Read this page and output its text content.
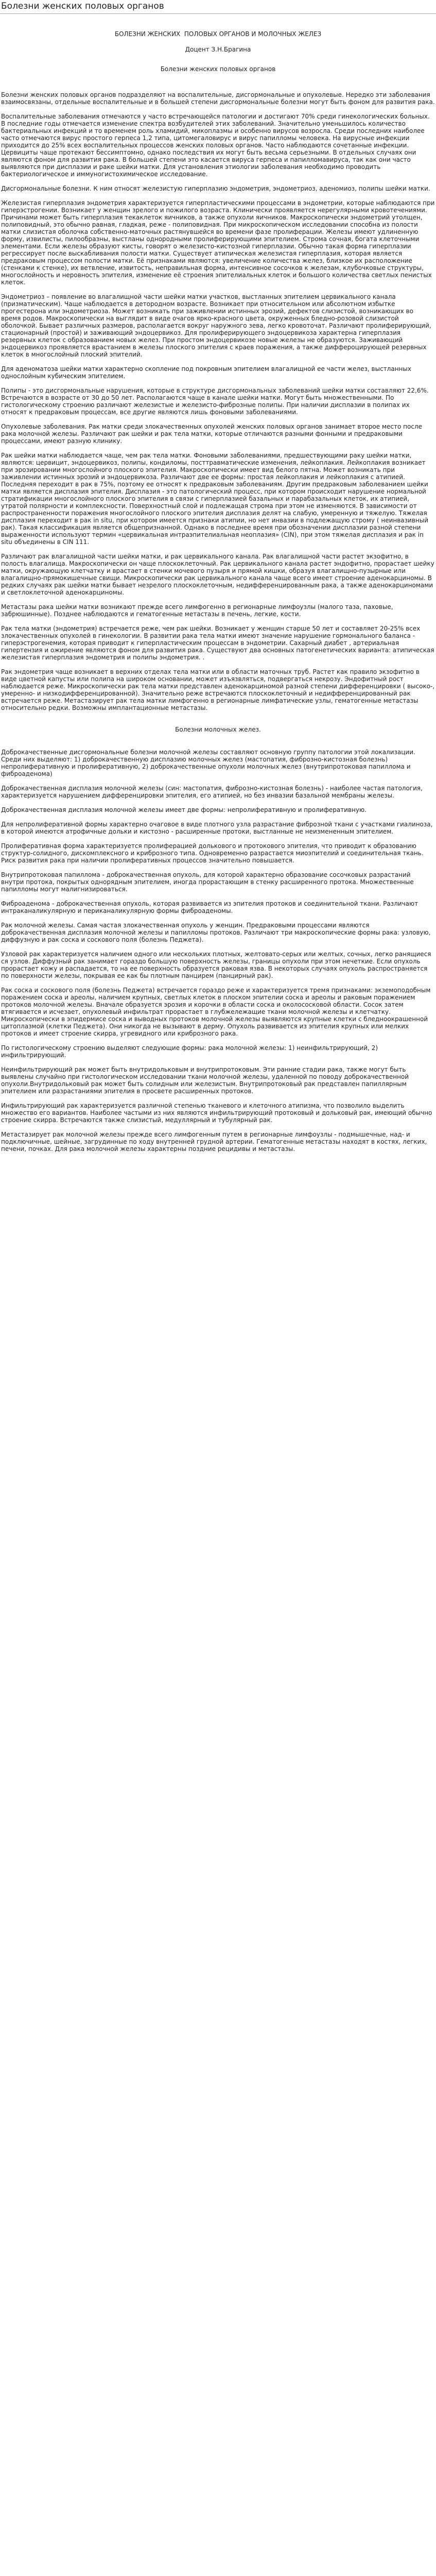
Болезни женских половых органов
БОЛЕЗНИ ЖЕНСКИХ  ПОЛОВЫХ ОРГАНОВ И МОЛОЧНЫХ ЖЕЛЕЗ
Доцент З.Н.Брагина
Болезни женских половых органов
Болезни женских половых органов подразделяют на воспалительные, дисгормональные и опухолевые. Нередко эти заболевания взаимосвязаны, отдельные воспалительные и в большей степени дисгормональные болезни могут быть фоном для развития рака.
Воспалительные заболевания отмечаются у часто встречающейся патологии и достигают 70% среди гинекологических больных. В последние годы отмечается изменение спектра возбудителей этих заболеваний. Значительно уменьшилось количество бактериальных инфекций и то временем роль хламидий, микоплазмы и особенно вирусов возросла. Среди последних наиболее часто отмечаются вирус простого герпеса 1,2 типа, цитомегаловирус и вирус папилломы человека. На вирусные инфекции приходится до 25% всех воспалительных процессов женских половых органов. Часто наблюдаются сочетанные инфекции. Цервициты чаще протекают бессимптомно, однако последствия их могут быть весьма серьезными. В отдельных случаях они являются фоном для развития рака. В большей степени это касается вируса герпеса и папилломавируса, так как они часто выявляются при дисплазии и раке шейки матки. Для установления этиологии заболевания необходимо проводить бактериологическое и иммуногистохимическое исследование.
Дисгормональные болезни. К ним относят железистую гиперплазию эндометрия, эндометриоз, аденомиоз, полипы шейки матки.
Железистая гиперплазия эндометрия характеризуется гиперпластическими процессами в эндометрии, которые наблюдаются при гиперэстрогении. Возникает у женщин зрелого и пожилого возраста. Клинически проявляется нерегулярными кровотечениями. Причинами может быть гиперплазия текаклеток яичников, а также опухоли яичников. Макроскопически эндометрий утолщен, полиповидный, это обычно равная, гладкая, реже - полиповидная. При микроскопическом исследовании способна из полости матки слизистая оболочка собственно-маточных растянувшейся во времени фазе пролиферации. Железы имеют удлиненную форму, извилисты, пилообразны, выстланы однородными пролиферирующими эпителием. Строма сочная, богата клеточными элементами. Если железы образуют кисты, говорят о железисто-кистозной гиперплазии. Обычно такая форма гиперплазии регрессирует после выскабливания полости матки. Существует атипическая железистая гиперплазия, которая является предраковым процессом полости матки. Её признаками являются: увеличение количества желез, близкое их расположение (стенками к стенке), их ветвление, извитость, неправильная форма, интенсивное сосочков к железам, клубочковые структуры, многослойность и неровность эпителия, изменение её строения эпителиальных клеток и большого количества светлых пенистых клеток.
Эндометриоз – появление во влагалищной части шейки матки участков, выстланных эпителием цервикального канала (призматическим). Чаще наблюдается в детородном возрасте. Возникает при относительном или абсолютном избытке прогестерона или эндометриоза. Может возникать при заживлении истинных эрозий, дефектов слизистой, возникающих во время родов. Макроскопически на выглядит в виде очагов ярко-красного цвета, окруженных бледно-розовой слизистой оболочкой. Бывает различных размеров, располагается вокруг наружного зева, легко кровоточат. Различают пролиферирующий, стационарный (простой) и заживающий эндоцервикоз. Для пролиферирующего эндоцервикоза характерна гиперплазия резервных клеток с образованием новых желез. При простом эндоцервикозе новые железы не образуются. Заживающий эндоцервикоз проявляется врастанием в железы плоского эпителия с краев поражения, а также диффероцирующей резервных клеток в многослойный плоский эпителий.
Для аденоматоза шейки матки характерно скопление под покровным эпителием влагалищной ее части желез, выстланных однослойным кубическим эпителием.
Полипы - это дисгормональные нарушения, которые в структуре дисгормональных заболеваний шейки матки составляют 22,6%. Встречаются в возрасте от 30 до 50 лет. Располагаются чаще в канале шейки матки. Могут быть множественными. По гистологическому строению различают железистые и железисто-фиброзные полипы. При наличии дисплазии в полипах их относят к предраковым процессам, все другие являются лишь фоновыми заболеваниями.
Опухолевые заболевания. Рак матки среди злокачественных опухолей женских половых органов занимает второе место после рака молочной железы. Различают рак шейки и рак тела матки, которые отличаются разными фонными и предраковыми процессами, имеют разную клинику.
Рак шейки матки наблюдается чаще, чем рак тела матки. Фоновыми заболеваниями, предшествующими раку шейки матки, являются: цервицит, эндоцервикоз, полипы, кондиломы, посттравматические изменения, лейкоплакия. Лейкоплакия возникает при эрозировании многослойного плоского эпителия. Макроскопически имеет вид белого пятна. Может возникать при заживлении истинных эрозий и эндоцервикоза. Различают две ее формы: простая лейкоплакия и лейкоплакия с атипией. Последняя переходит в рак в 75%, поэтому ее относят к предраковым заболеваниям. Другим предраковым заболеванием шейки матки является дисплазия эпителия. Дисплазия - это патологический процесс, при котором происходит нарушение нормальной стратификации многослойного плоского эпителия в связи с гиперплазией базальных и парабазальных клеток, их атипией, утратой полярности и комплексности. Поверхностный слой и подлежащая строма при этом не изменяются. В зависимости от распространенности поражения многослойного плоского эпителия дисплазия делят на слабую, умеренную и тяжелую. Тяжелая дисплазия переходит в рак in situ, при котором имеется признаки атипии, но нет инвазии в подлежащую строму ( неинвазивный рак). Такая классификация является общепризнанной. Однако в последнее время при обозначении дисплазии разной степени выраженности используют термин «цервикальная интраэпителиальная неоплазия» (CIN), при этом тяжелая дисплазия и рак in situ объединены в CIN 111.
Различают рак влагалищной части шейки матки, и рак цервикального канала. Рак влагалищной части растет экзофитно, в полость влагалища. Макроскопически он чаще плоскоклеточный. Рак цервикального канала растет эндофитно, прорастает шейку матки, окружающую клетчатку и врастает в стенки мочевого пузыря и прямой кишки, образуя влагалищно-пузырные или влагалищно-прямокишечные свищи. Микроскопически рак цервикального канала чаще всего имеет строение аденокарциномы. В редких случаях рак шейки матки бывает незрелого плоскоклеточным, недифференцированным рака, а также аденокарциномами и светлоклеточной аденокарциномы.
Метастазы рака шейки матки возникают прежде всего лимфогенно в регионарные лимфоузлы (малого таза, паховые, забрюшинные). Позднее наблюдаются и гематогенные метастазы в печень, легкие, кости.
Рак тела матки (эндометрия) встречается реже, чем рак шейки. Возникает у женщин старше 50 лет и составляет 20-25% всех злокачественных опухолей в гинекологии. В развитии рака тела матки имеют значение нарушение гормонального баланса - гиперэстрогенемия, которая приводит к гиперпластическим процессам в эндометрии. Сахарный диабет , артериальная гипертензия и ожирение являются фоном для развития рака. Существуют два основных патогенетических варианта: атипическая железистая гиперплазия эндометрия и полипы эндометрия. .
Рак эндометрия чаще возникает в верхних отделах тела матки или в области маточных труб. Растет как правило экзофитно в виде цветной капусты или полипа на широком основании, может изъязвляться, подвергаться некрозу. Эндофитный рост наблюдается реже. Микроскопически рак тела матки представлен аденокарциномой разной степени дифференцировки ( высоко-, умеренно- и низкодифференцированной). Значительно реже встречаются плоскоклеточный и недифференцированный рак встречается реже. Метастазирует рак тела матки лимфогенно в регионарные лимфатические узлы, гематогенные метастазы относительно редки. Возможны имплантационные метастазы.
Болезни молочных желез.
Доброкачественные дисгормональные болезни молочной железы составляют основную группу патологии этой локализации. Среди них выделяют: 1) доброкачественную дисплазию молочных желез (мастопатия, фиброзно-кистозная болезнь) непролиферативную и пролиферативную, 2) доброкачественные опухоли молочных желез (внутрипротоковая папиллома и фиброаденома)
Доброкачественная дисплазия молочной железы (син: мастопатия, фиброзно-кистозная болезнь) - наиболее частая патология, характеризуется нарушением дифференцировки эпителия, его атипией, но без инвазии базальной мембраны железы.
Доброкачественная дисплазия молочной железы имеет две формы: непролиферативную и пролиферативную.
Для непролиферативной формы характерно очаговое в виде плотного узла разрастание фиброзной ткани с участками гиалиноза, в которой имеются атрофичные дольки и кистозно - расширенные протоки, выстланные не неизмененным эпителием.
Пролиферативная форма характеризуется пролиферацией долькового и протокового эпителия, что приводит к образованию структур-солидного, дискомплексного и криброзного типа. Одновременно разрастается миоэпителий и соединительная ткань. Риск развития рака при наличии пролиферативных процессов значительно повышается.
Внутрипротоковая папиллома - доброкачественная опухоль, для которой характерно образование сосочковых разрастаний внутри протока, покрытых однорядным эпителием, иногда прорастающим в стенку расширенного протока. Множественные папилломы могут малигнизироваться.
Фиброаденома - доброкачественная опухоль, которая развивается из эпителия протоков и соединительной ткани. Различают интраканаликулярную и периканаликулярную формы фиброаденомы.
Рак молочной железы. Самая частая злокачественная опухоль у женщин. Предраковыми процессами являются доброкачественная дисплазия молочной железы и папилломы протоков. Различают три макроскопические формы рака: узловую, диффузную и рак соска и соскового поля (болезнь Педжета).
Узловой рак характеризуется наличием одного или нескольких плотных, желтовато-серых или желтых, сочных, легко ранящиеся ся узлов. Диффузный рак занимает гораздо большую поверхность железы, границы опухоли при этом нечеткие. Если опухоль прорастает кожу и распадается, то на ее поверхность образуется раковая язва. В некоторых случаях опухоль распространяется по поверхности железы, покрывая ее как бы плотным панцирем (панцирный рак).
Рак соска и соскового поля (болезнь Педжета) встречается гораздо реже и характеризуется тремя признаками: экземоподобным поражением соска и ареолы, наличием крупных, светлых клеток в плоском эпителии соска и ареолы и раковым поражением протоков молочной железы. Вначале образуется эрозия и корочки в области соска и околососковой области. Сосок затем втягивается и исчезает, опухолевый инфильтрат прорастает в глубжележащие ткани молочной железы и клетчатку. Микроскопически в эпидермисе соска и выводных протоков молочной железы выявляются крупные клетки с бледноокрашенной цитоплазмой (клетки Педжета). Они никогда не вызывают в дерму. Опухоль развивается из эпителия крупных или мелких протоков и имеет строение скирра, угревидного или криброзного рака.
По гистологическому строению выделяют следующие формы: рака молочной железы: 1) неинфильтрирующий, 2) инфильтрирующий.
Неинфильтрирующий рак может быть внутридольковым и внутрипротоковым. Эти ранние стадии рака, также могут быть выявлены случайно при гистологическом исследовании ткани молочной железы, удаленной по поводу доброкачественной опухоли.Внутридольковый рак может быть солидным или железистым. Внутрипротоковый рак представлен папиллярным эпителием или разрастаниями эпителия в просвете расширенных протоков.
Инфильтрирующий рак характеризуется различной степенью тканевого и клеточного атипизма, что позволило выделить множество его вариантов. Наиболее частыми из них являются инфильтрирующий протоковый и дольковый рак, имеющий обычно строение скирра. Встречаются также слизистый, медуллярный и тубулярный рак.
Метастазирует рак молочной железы прежде всего лимфогенным путем в регионарные лимфоузлы - подмышечные, над- и подключичные, шейные, загрудинные по ходу внутренней грудной артерии. Гематогенные метастазы находят в костях, легких, печени, почках. Для рака молочной железы характерны поздние рецидивы и метастазы.
